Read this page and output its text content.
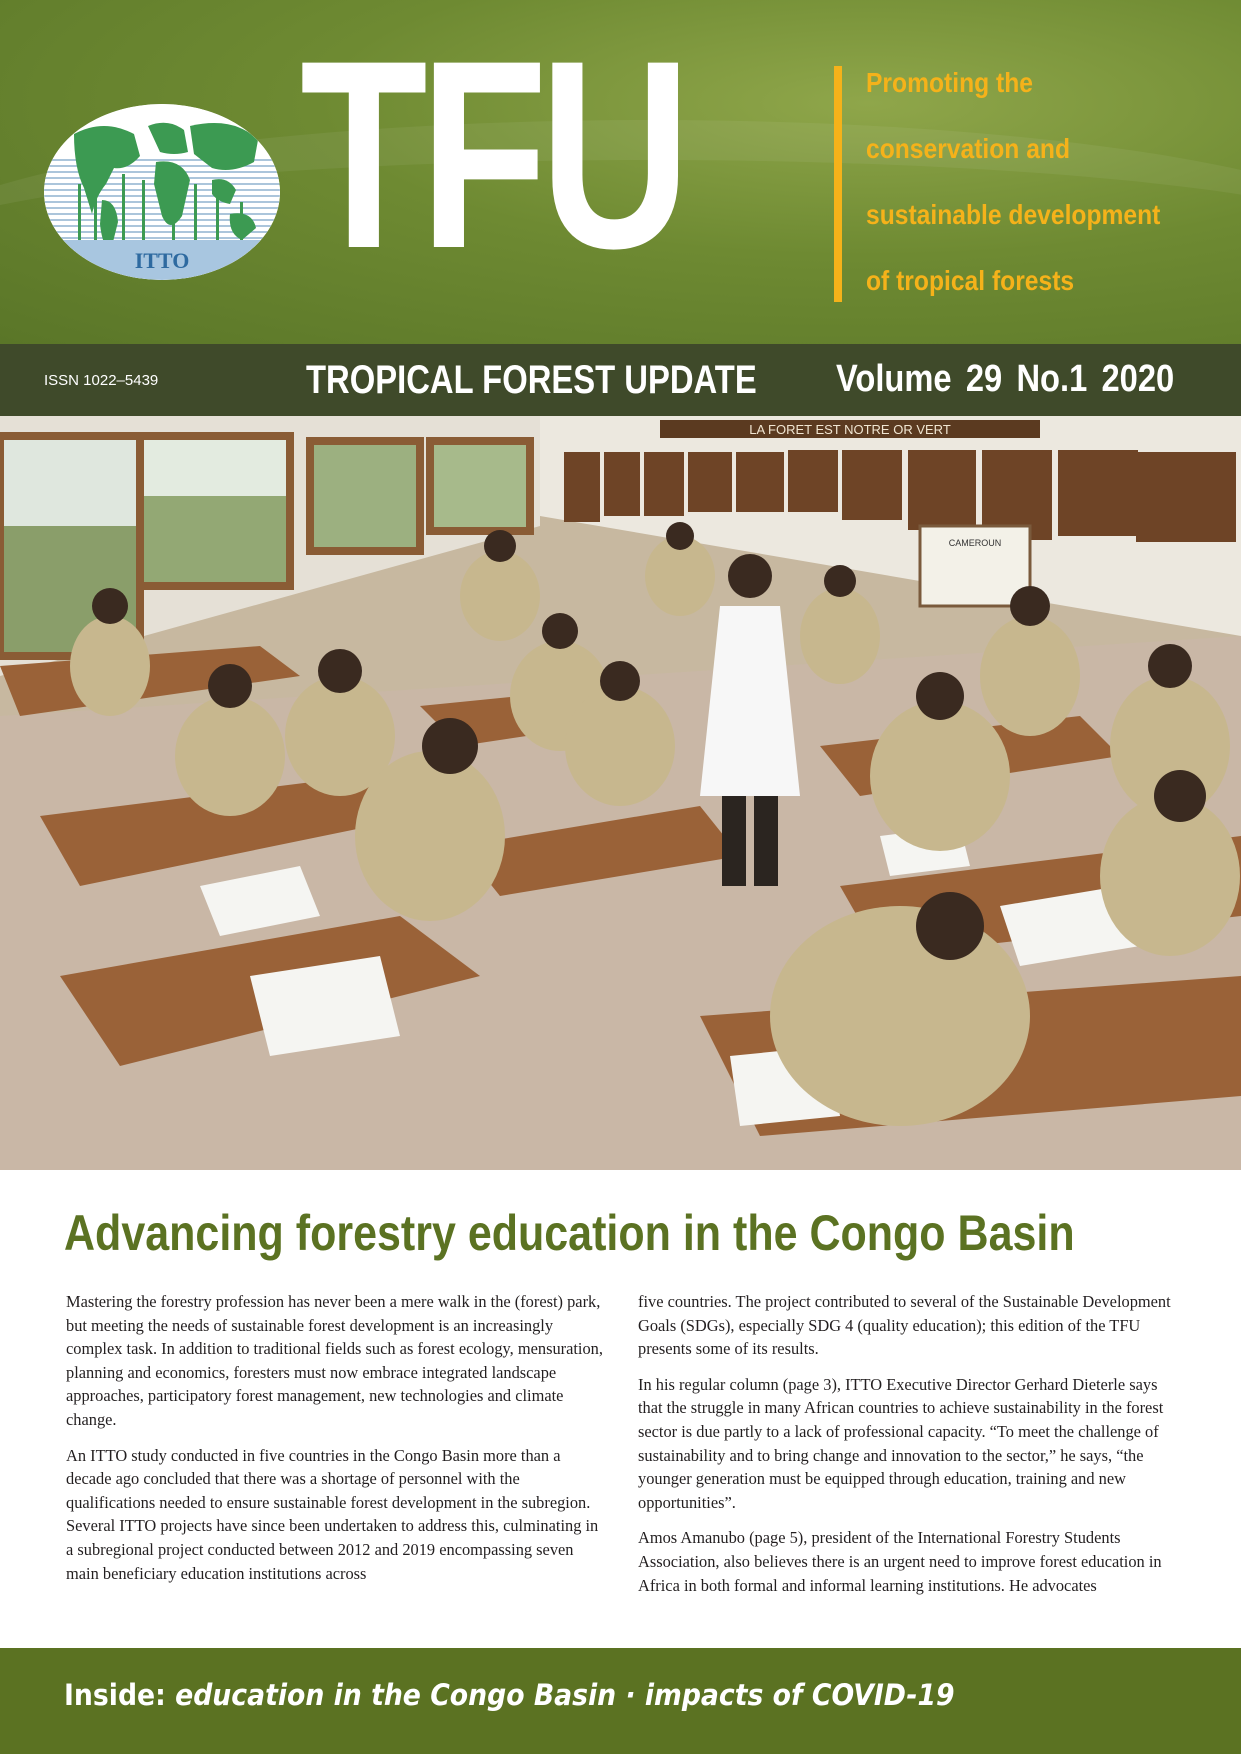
ITTO TFU	Promoting the
conservation and
sustainable development
of tropical forests
ISSN 1022–5439	TROPICAL FOREST UPDATE Volume 29 No.1 2020
LA FORET EST NOTRE OR VERT
CAMEROUN
Advancing forestry education in the Congo Basin

Mastering the forestry profession has never been a mere walk in the (forest) park, but meeting the needs of sustainable forest development is an increasingly complex task. In addition to traditional fields such as forest ecology, mensuration, planning and economics, foresters must now embrace integrated landscape approaches, participatory forest management, new technologies and climate change.

An ITTO study conducted in five countries in the Congo Basin more than a decade ago concluded that there was a shortage of personnel with the qualifications needed to ensure sustainable forest development in the subregion. Several ITTO projects have since been undertaken to address this, culminating in a subregional project conducted between 2012 and 2019 encompassing seven main beneficiary education institutions across

five countries. The project contributed to several of the Sustainable Development Goals (SDGs), especially SDG 4 (quality education); this edition of the TFU presents some of its results.

In his regular column (page 3), ITTO Executive Director Gerhard Dieterle says that the struggle in many African countries to achieve sustainability in the forest sector is due partly to a lack of professional capacity. “To meet the challenge of sustainability and to bring change and innovation to the sector,” he says, “the younger generation must be equipped through education, training and new opportunities”.

Amos Amanubo (page 5), president of the International Forestry Students Association, also believes there is an urgent need to improve forest education in Africa in both formal and informal learning institutions. He advocates

Inside: education in the Congo Basin · impacts of COVID-19
